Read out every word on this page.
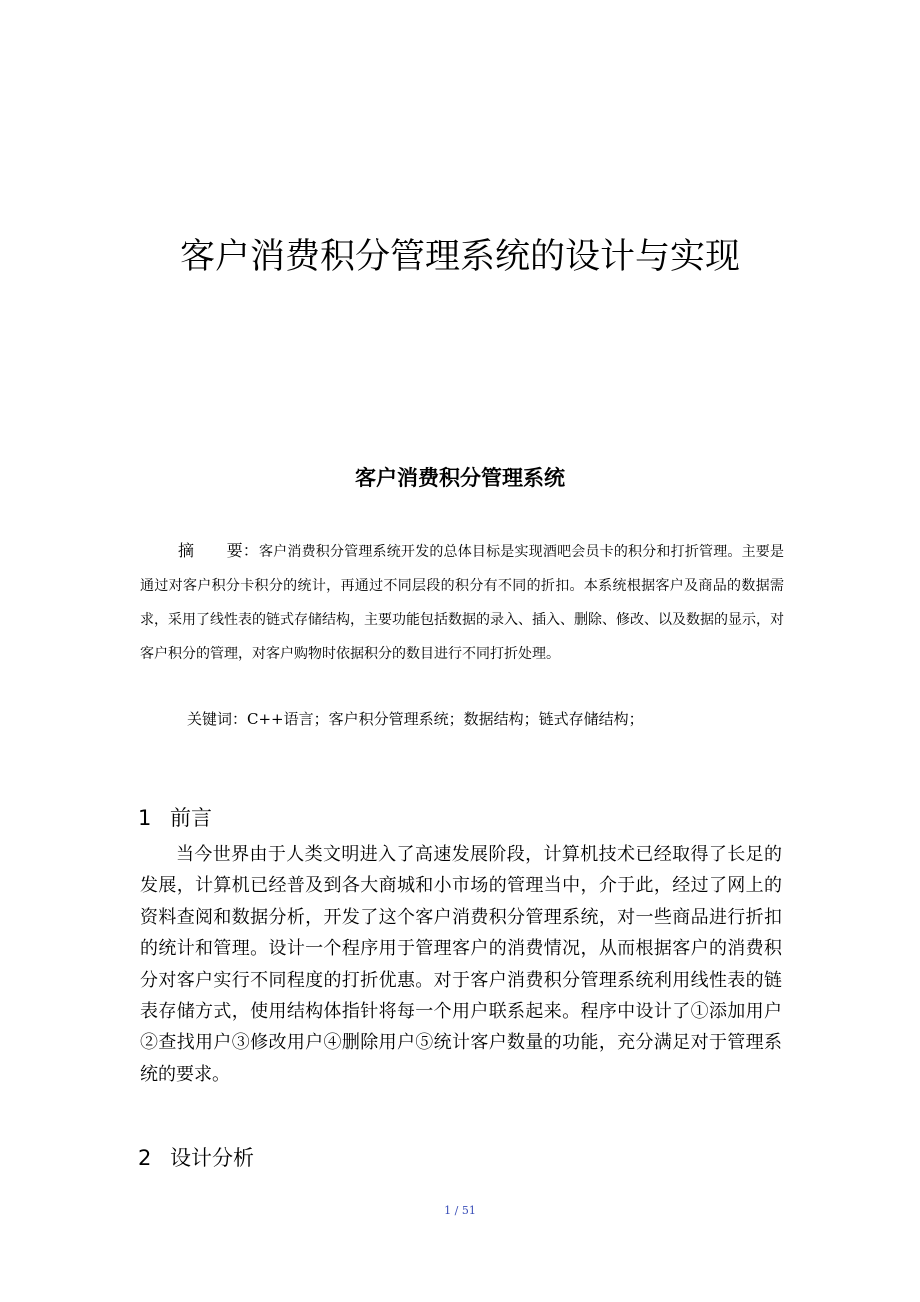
客户消费积分管理系统的设计与实现
客户消费积分管理系统

摘　　要：客户消费积分管理系统开发的总体目标是实现酒吧会员卡的积分和打折管理。主要是通过对客户积分卡积分的统计，再通过不同层段的积分有不同的折扣。本系统根据客户及商品的数据需求，采用了线性表的链式存储结构，主要功能包括数据的录入、插入、删除、修改、以及数据的显示，对客户积分的管理，对客户购物时依据积分的数目进行不同打折处理。

关键词：C++语言；客户积分管理系统；数据结构；链式存储结构；

1 前言

当今世界由于人类文明进入了高速发展阶段，计算机技术已经取得了长足的发展，计算机已经普及到各大商城和小市场的管理当中，介于此，经过了网上的 资料查阅和数据分析，开发了这个客户消费积分管理系统，对一些商品进行折扣的统计和管理。设计一个程序用于管理客户的消费情况，从而根据客户的消费积分对客户实行不同程度的打折优惠。对于客户消费积分管理系统利用线性表的链表存储方式，使用结构体指针将每一个用户联系起来。程序中设计了①添加用户②查找用户③修改用户④删除用户⑤统计客户数量的功能，充分满足对于管理系统的要求。

2 设计分析

1 / 51
